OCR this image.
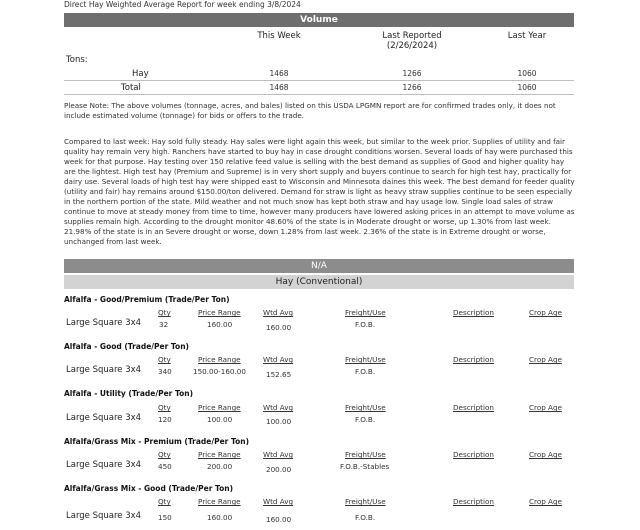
Direct Hay Weighted Average Report for week ending 3/8/2024
Volume
This Week	Last Reported
(2/26/2024)
Last Year
Tons:
Hay	1468	1266	1060
Total	1468	1266	1060
Please Note: The above volumes (tonnage, acres, and bales) listed on this USDA LPGMN report are for confirmed trades only, it does not include estimated volume (tonnage) for bids or offers to the trade.
Compared to last week: Hay sold fully steady. Hay sales were light again this week, but similar to the week prior. Supplies of utility and fair quality hay remain very high. Ranchers have started to buy hay in case drought conditions worsen. Several loads of hay were purchased this week for that purpose. Hay testing over 150 relative feed value is selling with the best demand as supplies of Good and higher quality hay are the lightest. High test hay (Premium and Supreme) is in very short supply and buyers continue to search for high test hay, practically for dairy use. Several loads of high test hay were shipped east to Wisconsin and Minnesota daines this week. The best demand for feeder quality (utility and fair) hay remains around $150.00/ton delivered. Demand for straw is light as heavy straw supplies continue to be seen especially in the northern portion of the state. Mild weather and not much snow has kept both straw and hay usage low. Single load sales of straw continue to move at steady money from time to time, however many producers have lowered asking prices in an attempt to move volume as supplies remain high. According to the drought monitor 48.60% of the state is in Moderate drought or worse, up 1.30% from last week. 21.98% of the state is in an Severe drought or worse, down 1.28% from last week. 2.36% of the state is in Extreme drought or worse, unchanged from last week.
N/A
Hay (Conventional)
Alfalfa - Good/Premium (Trade/Per Ton)
Qty	Price Range	Wtd Avg	Freight/Use	Description	Crop Age
Large Square 3x4 32	160.00	160.00	F.O.B.
Alfalfa - Good (Trade/Per Ton)
Qty	Price Range	Wtd Avg	Freight/Use	Description	Crop Age
Large Square 3x4 340	150.00-160.00	152.65	F.O.B.
Alfalfa - Utility (Trade/Per Ton)
Qty	Price Range	Wtd Avg	Freight/Use	Description	Crop Age
Large Square 3x4 120	100.00	100.00	F.O.B.
Alfalfa/Grass Mix - Premium (Trade/Per Ton)
Qty	Price Range	Wtd Avg	Freight/Use	Description	Crop Age
Large Square 3x4 450	200.00	200.00	F.O.B.-Stables
Alfalfa/Grass Mix - Good (Trade/Per Ton)
Qty	Price Range	Wtd Avg	Freight/Use	Description	Crop Age
Large Square 3x4 150	160.00	160.00	F.O.B.
